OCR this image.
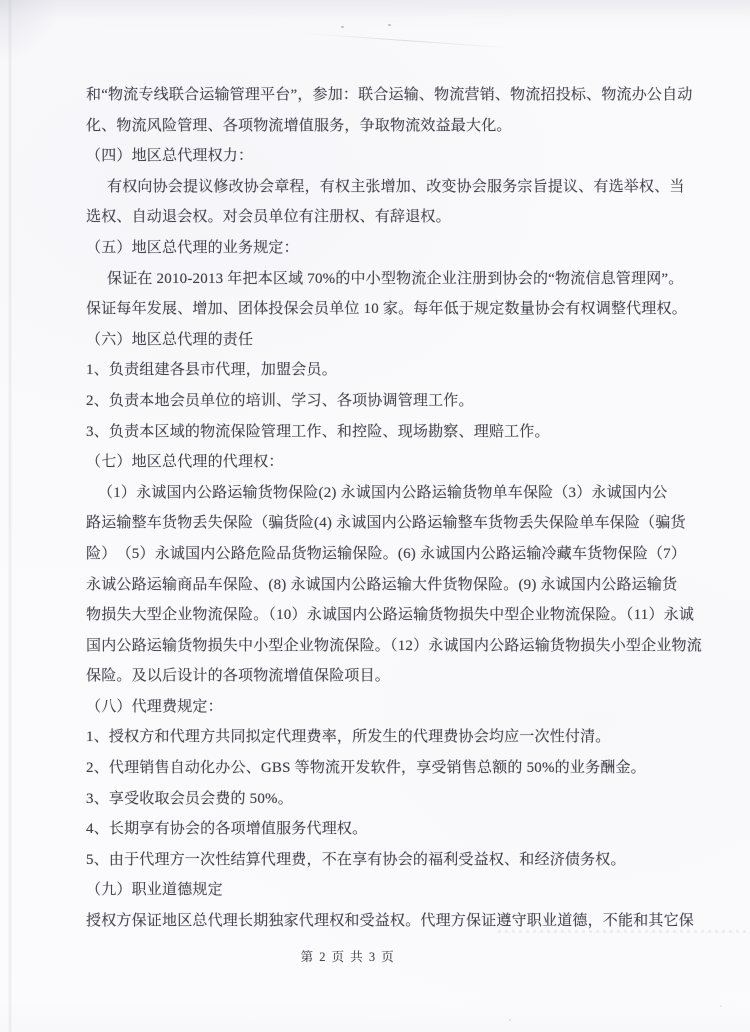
和“物流专线联合运输管理平台”，参加：联合运输、物流营销、物流招投标、物流办公自动
化、物流风险管理、各项物流增值服务，争取物流效益最大化。
（四）地区总代理权力：
有权向协会提议修改协会章程，有权主张增加、改变协会服务宗旨提议、有选举权、当
选权、自动退会权。对会员单位有注册权、有辞退权。
（五）地区总代理的业务规定：
保证在 2010-2013 年把本区域 70%的中小型物流企业注册到协会的“物流信息管理网”。
保证每年发展、增加、团体投保会员单位 10 家。每年低于规定数量协会有权调整代理权。
（六）地区总代理的责任
1、负责组建各县市代理，加盟会员。
2、负责本地会员单位的培训、学习、各项协调管理工作。
3、负责本区域的物流保险管理工作、和控险、现场勘察、理赔工作。
（七）地区总代理的代理权：
（1）永诚国内公路运输货物保险(2) 永诚国内公路运输货物单车保险（3）永诚国内公
路运输整车货物丢失保险（骗货险(4) 永诚国内公路运输整车货物丢失保险单车保险（骗货
险）　（5）永诚国内公路危险品货物运输保险。(6) 永诚国内公路运输冷藏车货物保险（7）
永诚公路运输商品车保险、(8) 永诚国内公路运输大件货物保险。(9) 永诚国内公路运输货
物损失大型企业物流保险。（10）永诚国内公路运输货物损失中型企业物流保险。（11）永诚
国内公路运输货物损失中小型企业物流保险。（12）永诚国内公路运输货物损失小型企业物流
保险。及以后设计的各项物流增值保险项目。
（八）代理费规定：
1、授权方和代理方共同拟定代理费率，所发生的代理费协会均应一次性付清。
2、代理销售自动化办公、GBS 等物流开发软件，享受销售总额的 50%的业务酬金。
3、享受收取会员会费的 50%。
4、长期享有协会的各项增值服务代理权。
5、由于代理方一次性结算代理费，不在享有协会的福利受益权、和经济债务权。
（九）职业道德规定
授权方保证地区总代理长期独家代理权和受益权。代理方保证遵守职业道德，不能和其它保
第 2 页 共 3 页
